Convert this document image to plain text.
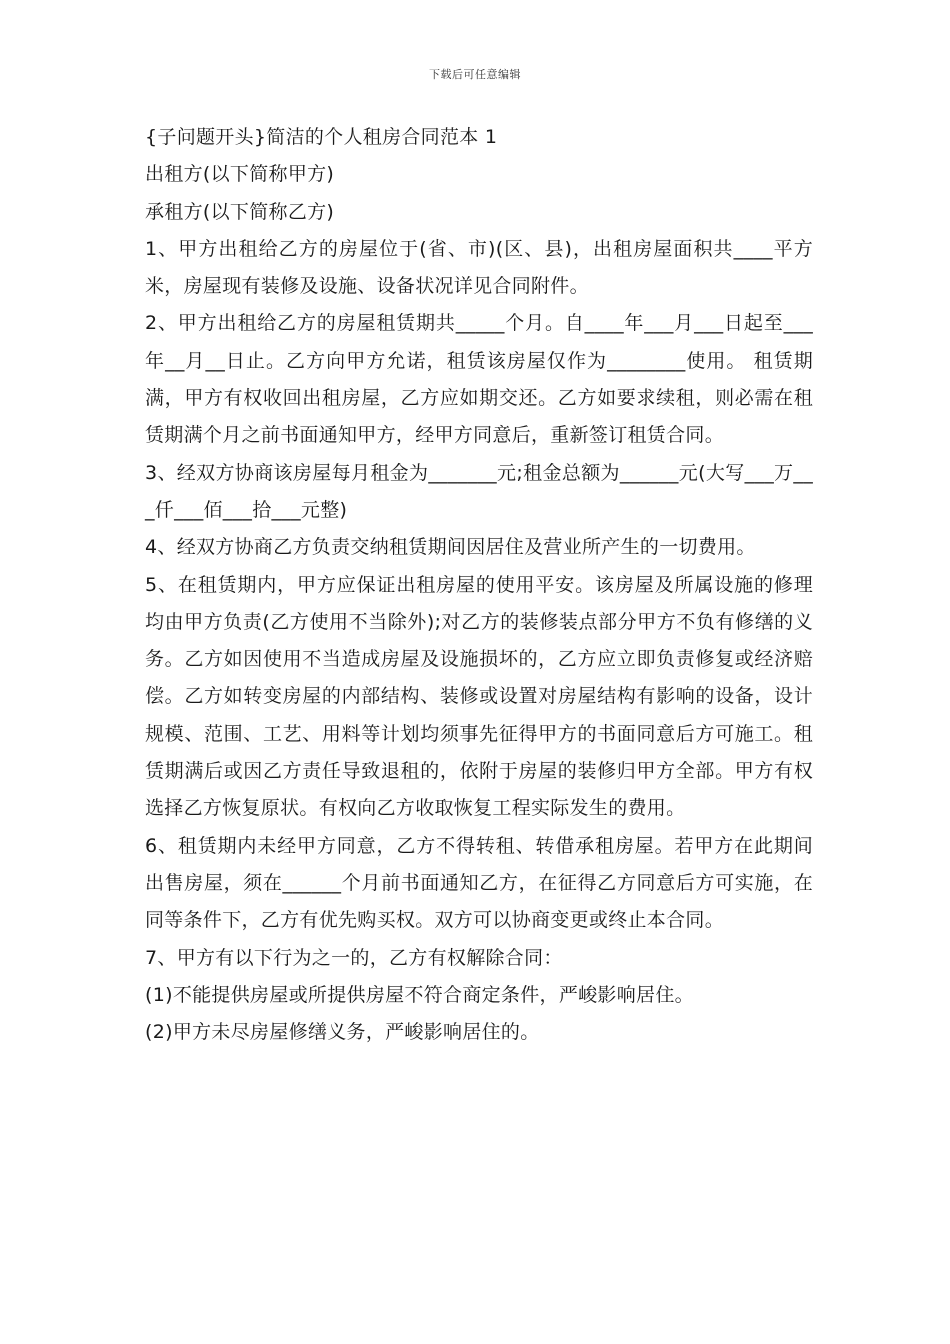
下载后可任意编辑

{子问题开头}简洁的个人租房合同范本 1

出租方(以下简称甲方)

承租方(以下简称乙方)

1、甲方出租给乙方的房屋位于(省、市)(区、县)，出租房屋面积共____平方米，房屋现有装修及设施、设备状况详见合同附件。

2、甲方出租给乙方的房屋租赁期共_____个月。自____年___月___日起至___年__月__日止。乙方向甲方允诺，租赁该房屋仅作为________使用。 租赁期满，甲方有权收回出租房屋，乙方应如期交还。乙方如要求续租，则必需在租赁期满个月之前书面通知甲方，经甲方同意后，重新签订租赁合同。

3、经双方协商该房屋每月租金为_______元;租金总额为______元(大写___万___仟___佰___拾___元整)

4、经双方协商乙方负责交纳租赁期间因居住及营业所产生的一切费用。

5、在租赁期内，甲方应保证出租房屋的使用平安。该房屋及所属设施的修理均由甲方负责(乙方使用不当除外);对乙方的装修装点部分甲方不负有修缮的义务。乙方如因使用不当造成房屋及设施损坏的，乙方应立即负责修复或经济赔偿。乙方如转变房屋的内部结构、装修或设置对房屋结构有影响的设备，设计规模、范围、工艺、用料等计划均须事先征得甲方的书面同意后方可施工。租赁期满后或因乙方责任导致退租的，依附于房屋的装修归甲方全部。甲方有权选择乙方恢复原状。有权向乙方收取恢复工程实际发生的费用。

6、租赁期内未经甲方同意，乙方不得转租、转借承租房屋。若甲方在此期间出售房屋，须在______个月前书面通知乙方，在征得乙方同意后方可实施，在同等条件下，乙方有优先购买权。双方可以协商变更或终止本合同。

7、甲方有以下行为之一的，乙方有权解除合同：

(1)不能提供房屋或所提供房屋不符合商定条件，严峻影响居住。

(2)甲方未尽房屋修缮义务，严峻影响居住的。
